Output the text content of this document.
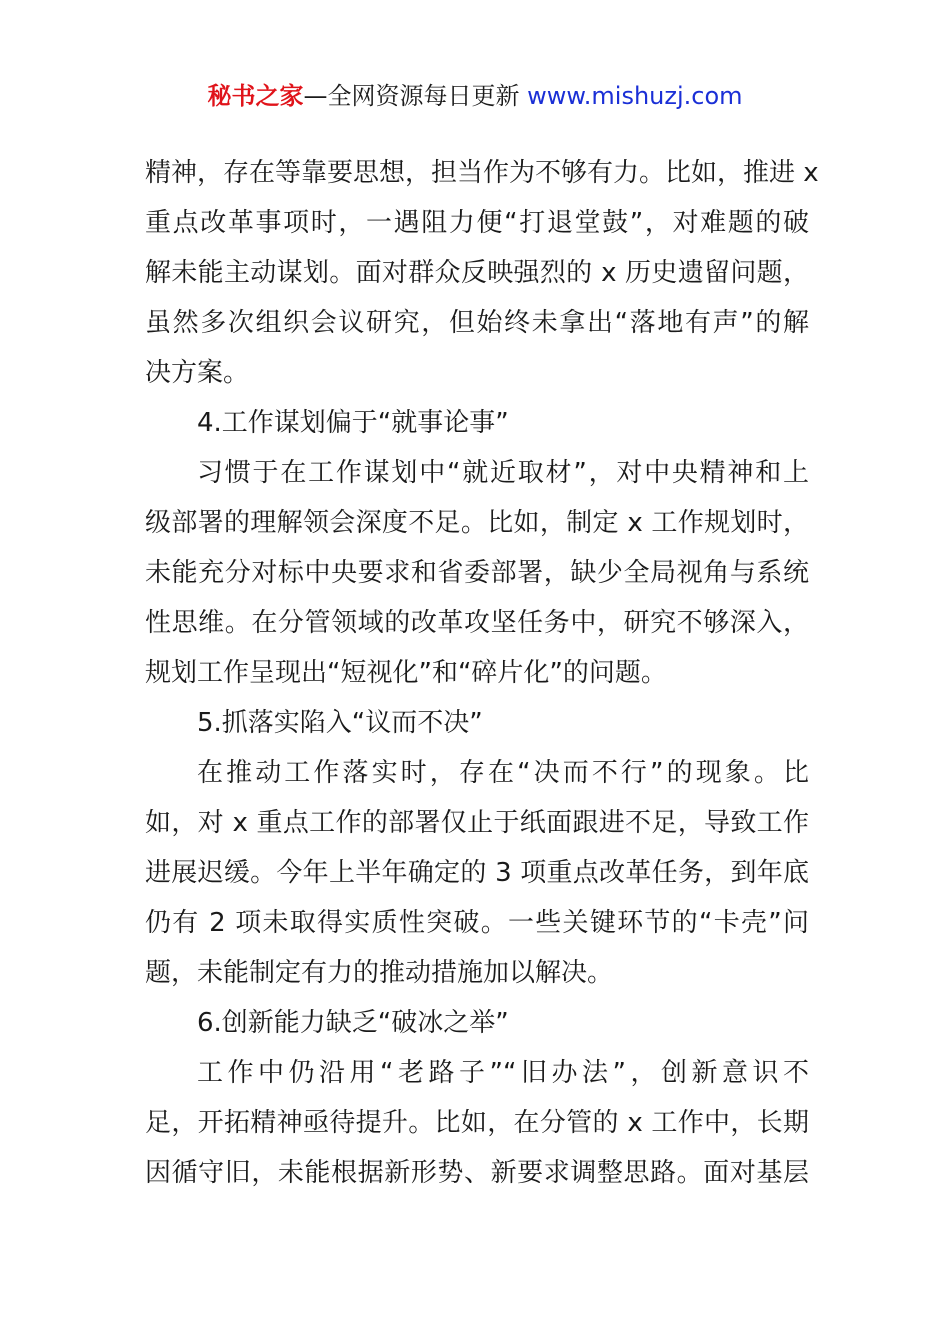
秘书之家—全网资源每日更新 www.mishuzj.com

精神，存在等靠要思想，担当作为不够有力。比如，推进 x
重点改革事项时，一遇阻力便“打退堂鼓”，对难题的破
解未能主动谋划。面对群众反映强烈的 x 历史遗留问题，
虽然多次组织会议研究，但始终未拿出“落地有声”的解
决方案。

4.工作谋划偏于“就事论事”

习惯于在工作谋划中“就近取材”，对中央精神和上
级部署的理解领会深度不足。比如，制定 x 工作规划时，
未能充分对标中央要求和省委部署，缺少全局视角与系统
性思维。在分管领域的改革攻坚任务中，研究不够深入，
规划工作呈现出“短视化”和“碎片化”的问题。

5.抓落实陷入“议而不决”

在推动工作落实时，存在“决而不行”的现象。比
如，对 x 重点工作的部署仅止于纸面跟进不足，导致工作
进展迟缓。今年上半年确定的 3 项重点改革任务，到年底
仍有 2 项未取得实质性突破。一些关键环节的“卡壳”问
题，未能制定有力的推动措施加以解决。

6.创新能力缺乏“破冰之举”

工作中仍沿用“老路子”“旧办法”，创新意识不
足，开拓精神亟待提升。比如，在分管的 x 工作中，长期
因循守旧，未能根据新形势、新要求调整思路。面对基层
